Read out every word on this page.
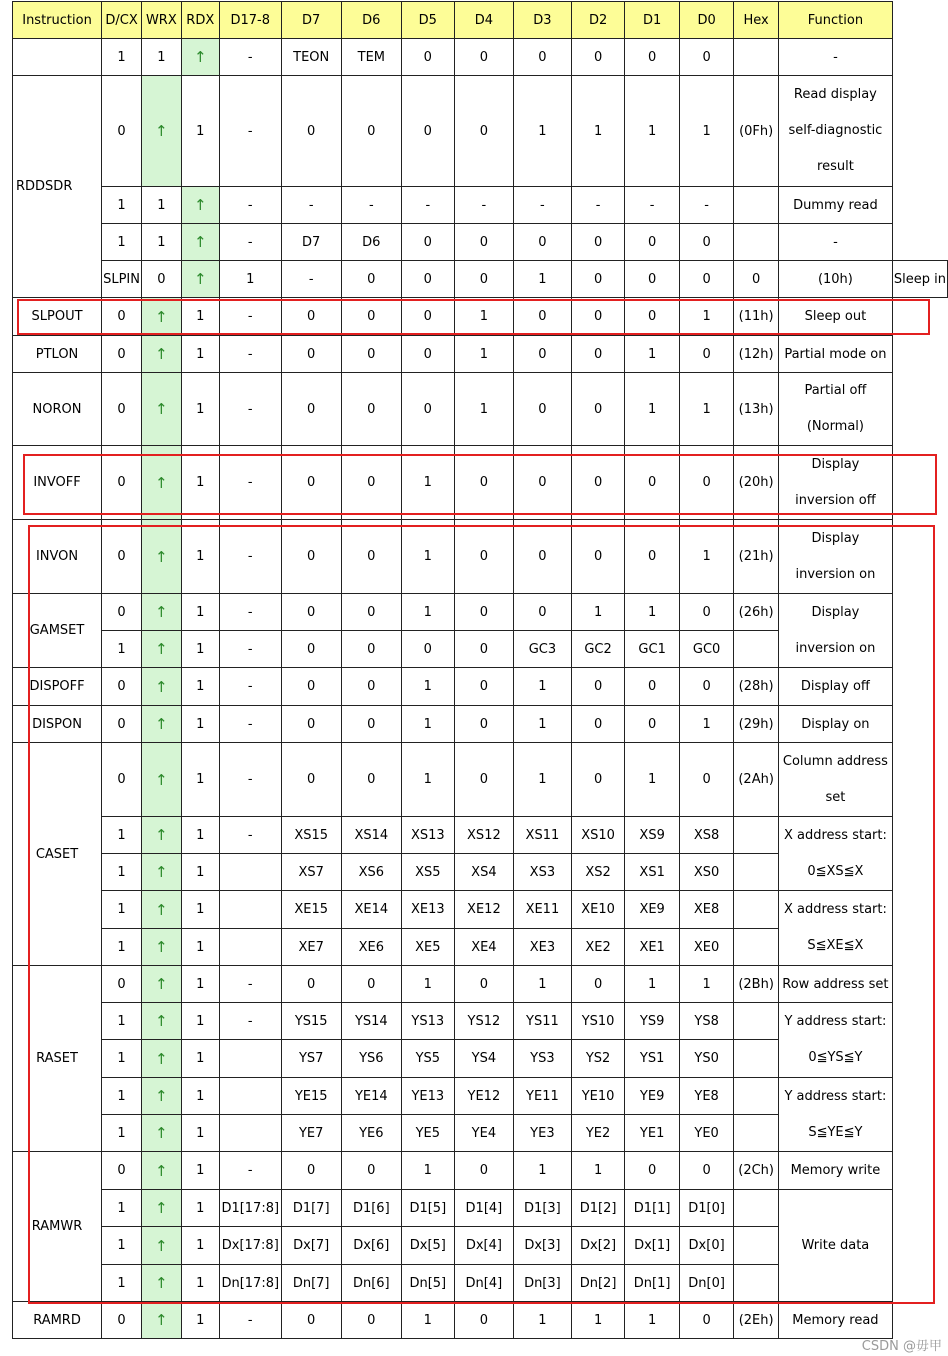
Instruction	D/CX	WRX	RDX	D17-8	D7	D6	D5	D4	D3	D2	D1	D0	Hex	Function	
	1	1	↑	-	TEON	TEM	0	0	0	0	0	0		-	
RDDSDR	0	↑	1	-	0	0	0	0	1	1	1	1	(0Fh)	Read display self-diagnostic result	
	1	1	↑	-	-	-	-	-	-	-	-	-		Dummy read	
	1	1	↑	-	D7	D6	0	0	0	0	0	0		-	
	SLPIN	0	↑	1	-	0	0	0	1	0	0	0	0	(10h)	Sleep in
SLPOUT	0	↑	1	-	0	0	0	1	0	0	0	1	(11h)	Sleep out	
PTLON	0	↑	1	-	0	0	0	1	0	0	1	0	(12h)	Partial mode on	
NORON	0	↑	1	-	0	0	0	1	0	0	1	1	(13h)	Partial off (Normal)	
INVOFF	0	↑	1	-	0	0	1	0	0	0	0	0	(20h)	Display inversion off	
INVON	0	↑	1	-	0	0	1	0	0	0	0	1	(21h)	Display inversion on	
GAMSET	0	↑	1	-	0	0	1	0	0	1	1	0	(26h)	Display inversion on	
	1	↑	1	-	0	0	0	0	GC3	GC2	GC1	GC0			
DISPOFF	0	↑	1	-	0	0	1	0	1	0	0	0	(28h)	Display off	
DISPON	0	↑	1	-	0	0	1	0	1	0	0	1	(29h)	Display on	
CASET	0	↑	1	-	0	0	1	0	1	0	1	0	(2Ah)	Column address set	
	1	↑	1	-	XS15	XS14	XS13	XS12	XS11	XS10	XS9	XS8		X address start: 0≦XS≦X	
	1	↑	1		XS7	XS6	XS5	XS4	XS3	XS2	XS1	XS0			
	1	↑	1		XE15	XE14	XE13	XE12	XE11	XE10	XE9	XE8		X address start: S≦XE≦X	
	1	↑	1		XE7	XE6	XE5	XE4	XE3	XE2	XE1	XE0			
RASET	0	↑	1	-	0	0	1	0	1	0	1	1	(2Bh)	Row address set	
	1	↑	1	-	YS15	YS14	YS13	YS12	YS11	YS10	YS9	YS8		Y address start: 0≦YS≦Y	
	1	↑	1		YS7	YS6	YS5	YS4	YS3	YS2	YS1	YS0			
	1	↑	1		YE15	YE14	YE13	YE12	YE11	YE10	YE9	YE8		Y address start: S≦YE≦Y	
	1	↑	1		YE7	YE6	YE5	YE4	YE3	YE2	YE1	YE0			
RAMWR	0	↑	1	-	0	0	1	0	1	1	0	0	(2Ch)	Memory write	
	1	↑	1	D1[17:8]	D1[7]	D1[6]	D1[5]	D1[4]	D1[3]	D1[2]	D1[1]	D1[0]		Write data	
	1	↑	1	Dx[17:8]	Dx[7]	Dx[6]	Dx[5]	Dx[4]	Dx[3]	Dx[2]	Dx[1]	Dx[0]			
	1	↑	1	Dn[17:8]	Dn[7]	Dn[6]	Dn[5]	Dn[4]	Dn[3]	Dn[2]	Dn[1]	Dn[0]			
RAMRD	0	↑	1	-	0	0	1	0	1	1	1	0	(2Eh)	Memory read	
CSDN @毋甲
